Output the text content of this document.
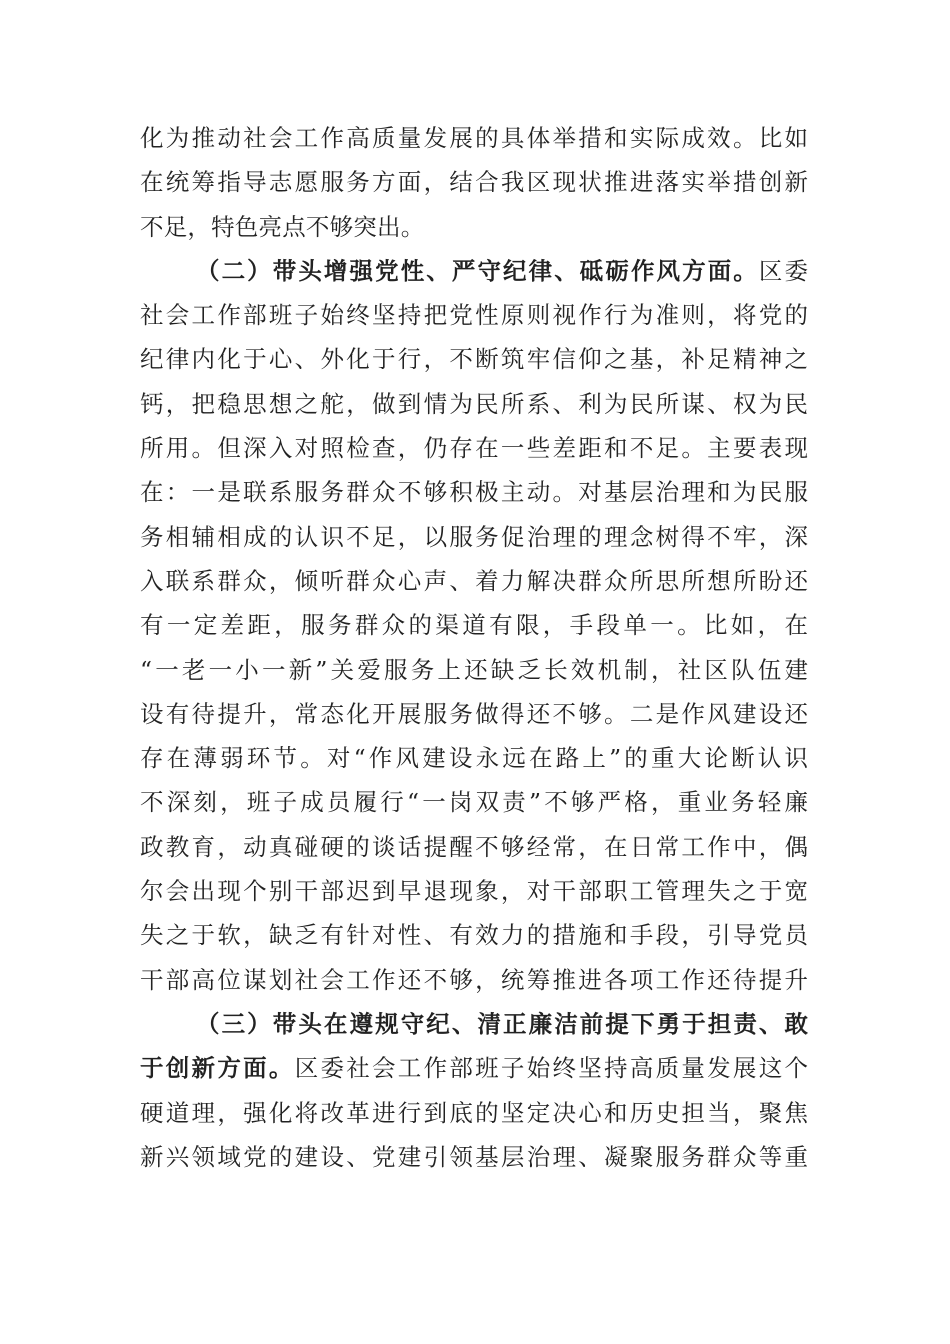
化为推动社会工作高质量发展的具体举措和实际成效。比如
在统筹指导志愿服务方面，结合我区现状推进落实举措创新
不足，特色亮点不够突出。
（二）带头增强党性、严守纪律、砥砺作风方面。区委
社会工作部班子始终坚持把党性原则视作行为准则，将党的
纪律内化于心、外化于行，不断筑牢信仰之基，补足精神之
钙，把稳思想之舵，做到情为民所系、利为民所谋、权为民
所用。但深入对照检查，仍存在一些差距和不足。主要表现
在：一是联系服务群众不够积极主动。对基层治理和为民服
务相辅相成的认识不足，以服务促治理的理念树得不牢，深
入联系群众，倾听群众心声、着力解决群众所思所想所盼还
有一定差距，服务群众的渠道有限，手段单一。比如，在
“一老一小一新”关爱服务上还缺乏长效机制，社区队伍建
设有待提升，常态化开展服务做得还不够。二是作风建设还
存在薄弱环节。对“作风建设永远在路上”的重大论断认识
不深刻，班子成员履行“一岗双责”不够严格，重业务轻廉
政教育，动真碰硬的谈话提醒不够经常，在日常工作中，偶
尔会出现个别干部迟到早退现象，对干部职工管理失之于宽
失之于软，缺乏有针对性、有效力的措施和手段，引导党员
干部高位谋划社会工作还不够，统筹推进各项工作还待提升
（三）带头在遵规守纪、清正廉洁前提下勇于担责、敢
于创新方面。区委社会工作部班子始终坚持高质量发展这个
硬道理，强化将改革进行到底的坚定决心和历史担当，聚焦
新兴领域党的建设、党建引领基层治理、凝聚服务群众等重
